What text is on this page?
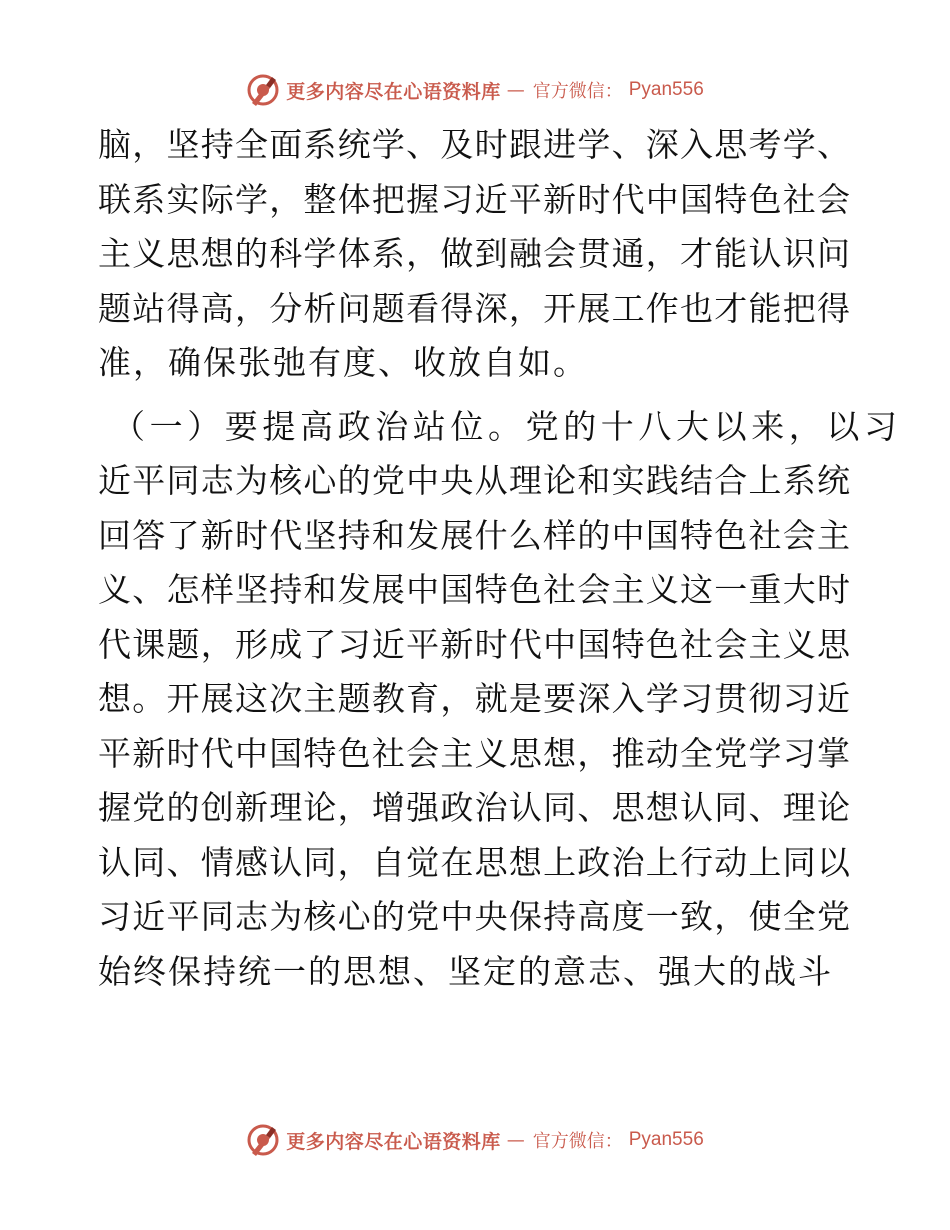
更多内容尽在心语资料库 — 官方微信： Pyan556
脑，坚持全面系统学、及时跟进学、深入思考学、
联系实际学，整体把握习近平新时代中国特色社会
主义思想的科学体系，做到融会贯通，才能认识问
题站得高，分析问题看得深，开展工作也才能把得
准，确保张弛有度、收放自如。
（一）要提高政治站位。党的十八大以来，以习
近平同志为核心的党中央从理论和实践结合上系统
回答了新时代坚持和发展什么样的中国特色社会主
义、怎样坚持和发展中国特色社会主义这一重大时
代课题，形成了习近平新时代中国特色社会主义思
想。开展这次主题教育，就是要深入学习贯彻习近
平新时代中国特色社会主义思想，推动全党学习掌
握党的创新理论，增强政治认同、思想认同、理论
认同、情感认同，自觉在思想上政治上行动上同以
习近平同志为核心的党中央保持高度一致，使全党
始终保持统一的思想、坚定的意志、强大的战斗
更多内容尽在心语资料库 — 官方微信： Pyan556
